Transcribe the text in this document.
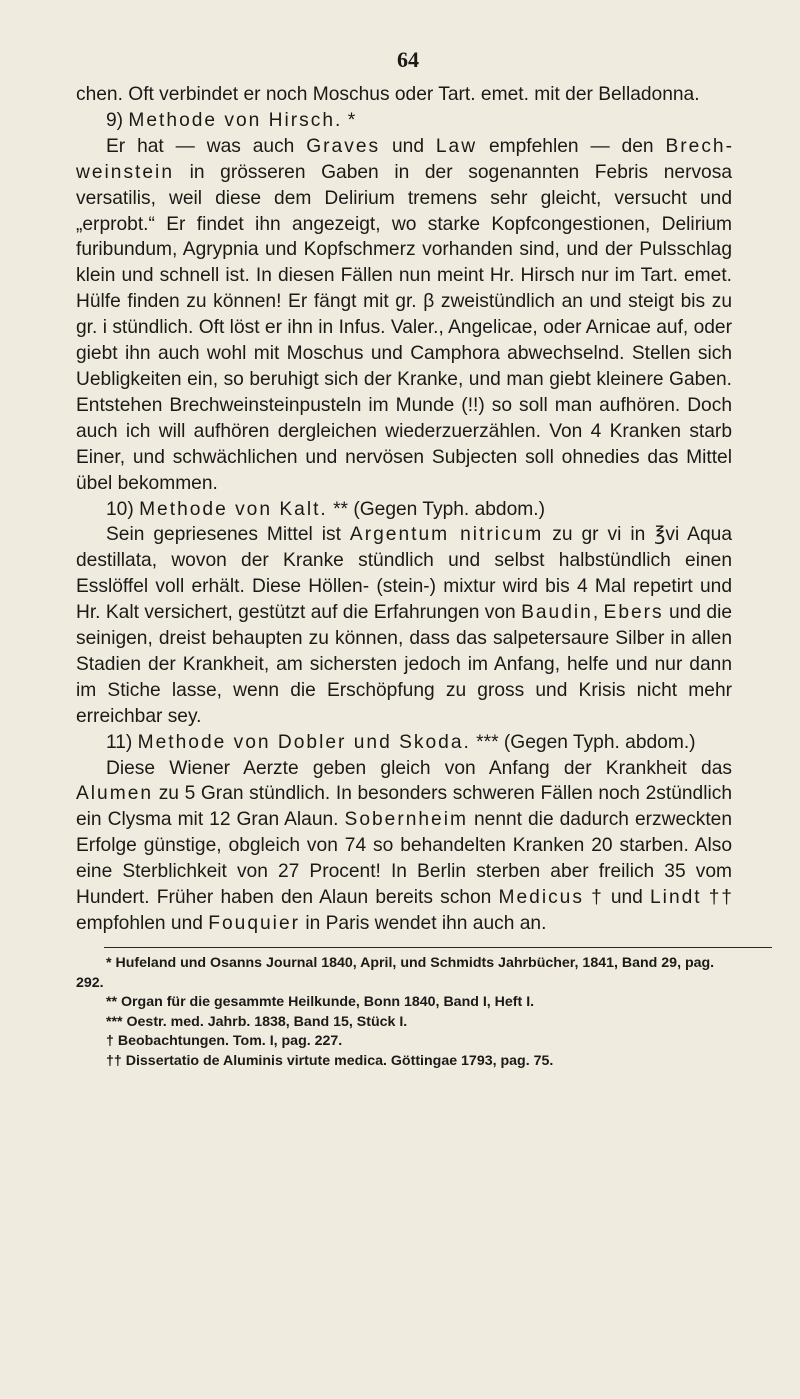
64

chen. Oft verbindet er noch Moschus oder Tart. emet. mit der Belladonna.

9) Methode von Hirsch. *

Er hat — was auch Graves und Law empfehlen — den Brechweinstein in grösseren Gaben in der sogenannten Febris nervosa versatilis, weil diese dem Delirium tremens sehr gleicht, versucht und „erprobt.“ Er findet ihn angezeigt, wo starke Kopfcongestionen, Delirium furibundum, Agrypnia und Kopfschmerz vorhanden sind, und der Pulsschlag klein und schnell ist. In diesen Fällen nun meint Hr. Hirsch nur im Tart. emet. Hülfe finden zu können! Er fängt mit gr. β zweistündlich an und steigt bis zu gr. i stündlich. Oft löst er ihn in Infus. Valer., Angelicae, oder Arnicae auf, oder giebt ihn auch wohl mit Moschus und Camphora abwechselnd. Stellen sich Uebligkeiten ein, so beruhigt sich der Kranke, und man giebt kleinere Gaben. Entstehen Brechweinsteinpusteln im Munde (!!) so soll man aufhören. Doch auch ich will aufhören dergleichen wiederzuerzählen. Von 4 Kranken starb Einer, und schwächlichen und nervösen Subjecten soll ohnedies das Mittel übel bekommen.

10) Methode von Kalt. ** (Gegen Typh. abdom.)

Sein gepriesenes Mittel ist Argentum nitricum zu gr vi in ℥vi Aqua destillata, wovon der Kranke stündlich und selbst halbstündlich einen Esslöffel voll erhält. Diese Höllen- (stein-) mixtur wird bis 4 Mal repetirt und Hr. Kalt versichert, gestützt auf die Erfahrungen von Baudin, Ebers und die seinigen, dreist behaupten zu können, dass das salpetersaure Silber in allen Stadien der Krankheit, am sichersten jedoch im Anfang, helfe und nur dann im Stiche lasse, wenn die Erschöpfung zu gross und Krisis nicht mehr erreichbar sey.

11) Methode von Dobler und Skoda. *** (Gegen Typh. abdom.)

Diese Wiener Aerzte geben gleich von Anfang der Krankheit das Alumen zu 5 Gran stündlich. In besonders schweren Fällen noch 2stündlich ein Clysma mit 12 Gran Alaun. Sobernheim nennt die dadurch erzweckten Erfolge günstige, obgleich von 74 so behandelten Kranken 20 starben. Also eine Sterblichkeit von 27 Procent! In Berlin sterben aber freilich 35 vom Hundert. Früher haben den Alaun bereits schon Medicus † und Lindt †† empfohlen und Fouquier in Paris wendet ihn auch an.

* Hufeland und Osanns Journal 1840, April, und Schmidts Jahrbücher, 1841, Band 29, pag. 292.

** Organ für die gesammte Heilkunde, Bonn 1840, Band I, Heft I.

*** Oestr. med. Jahrb. 1838, Band 15, Stück I.

† Beobachtungen. Tom. I, pag. 227.

†† Dissertatio de Aluminis virtute medica. Göttingae 1793, pag. 75.
